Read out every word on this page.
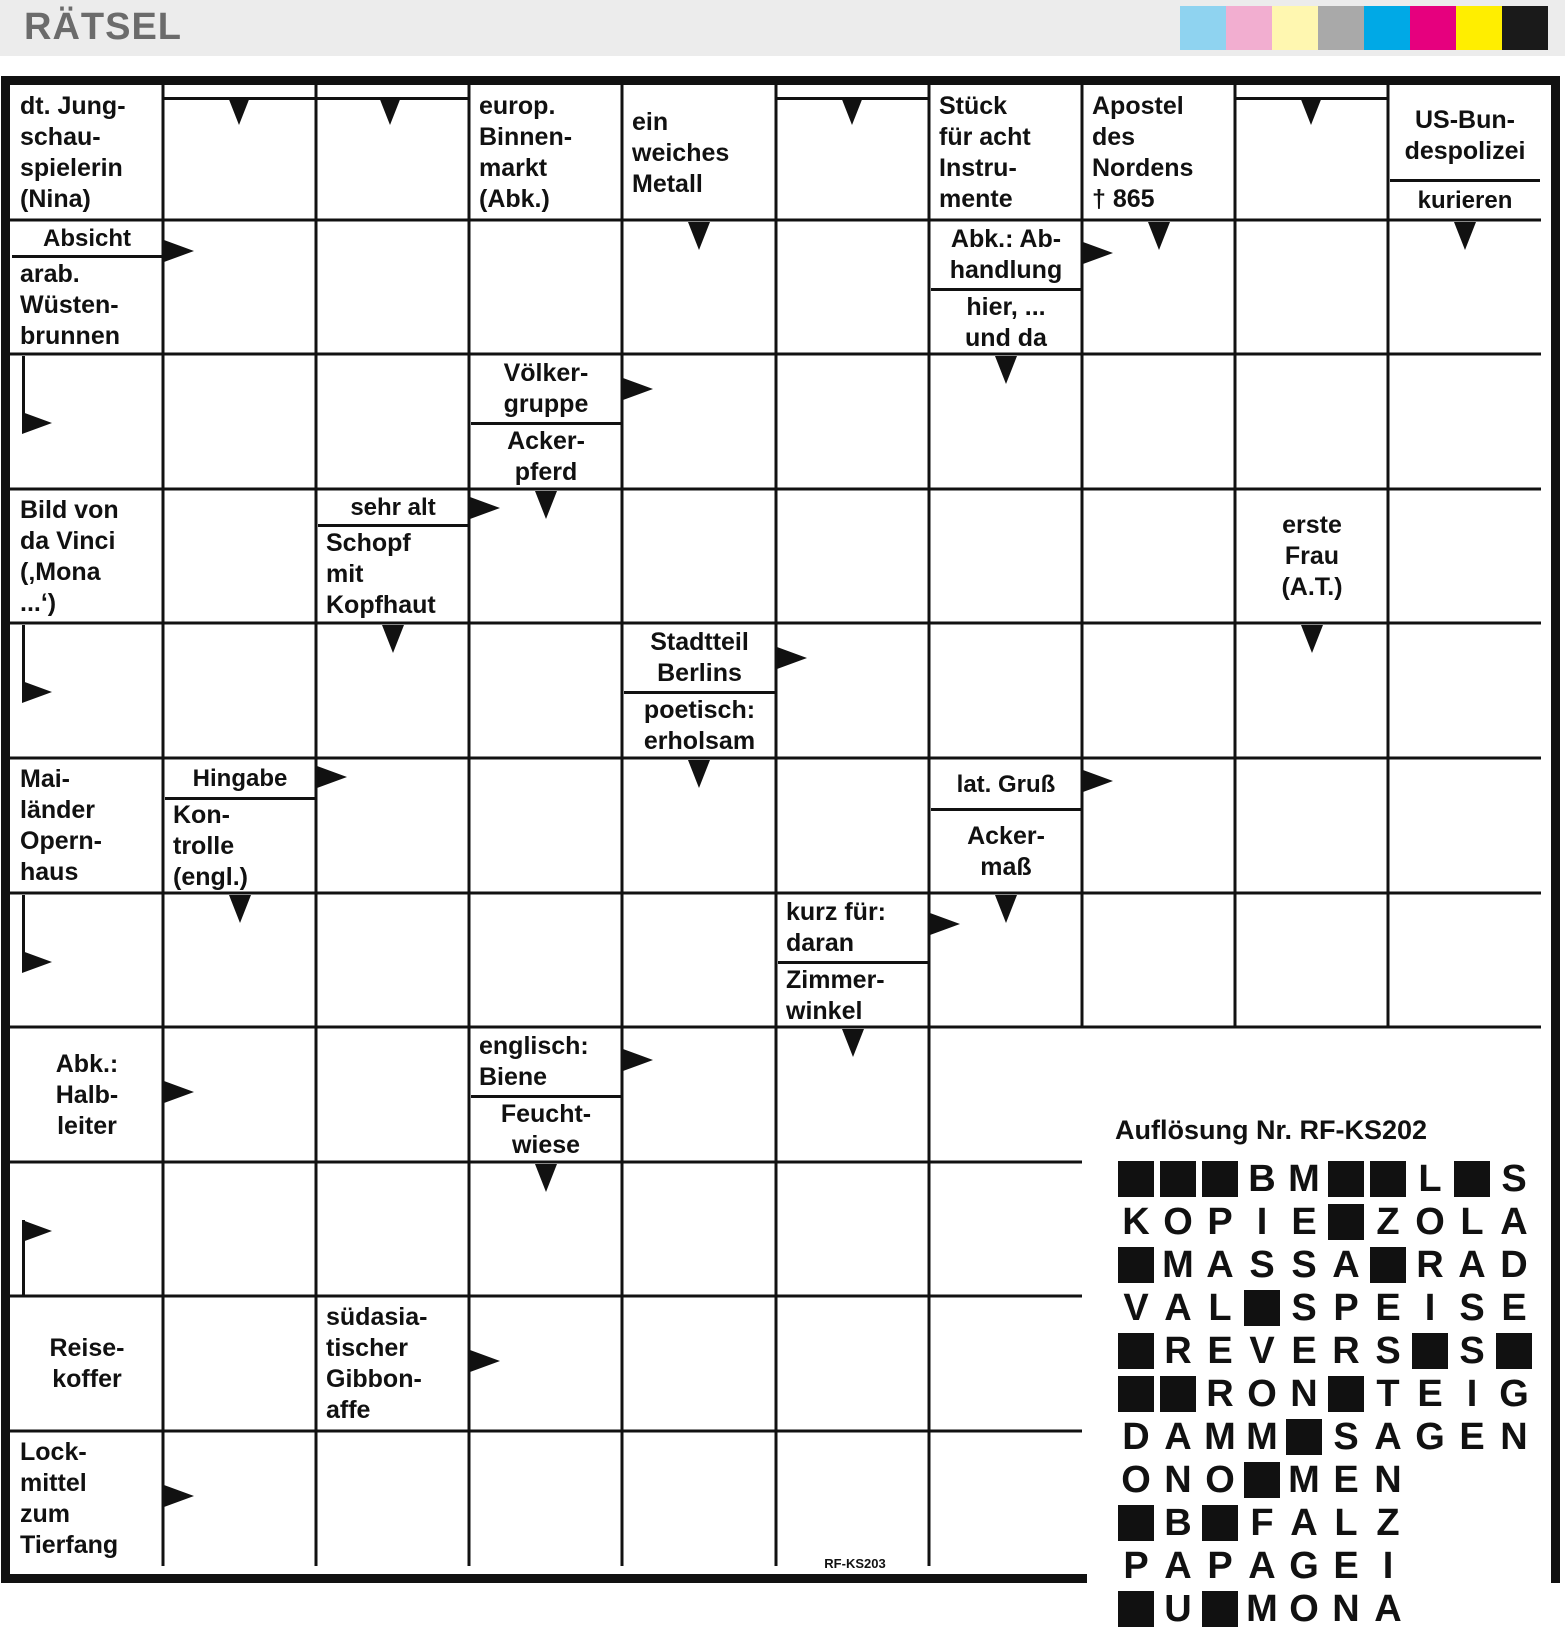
RÄTSEL
dt. Jung-
schau-
spielerin
(Nina)
europ.
Binnen-
markt
(Abk.)
ein
weiches
Metall
Stück
für acht
Instru-
mente
Apostel
des
Nordens
† 865
US-Bun-
despolizei
kurieren
Absicht
arab.
Wüsten-
brunnen
Abk.: Ab-
handlung
hier, ...
und da
Völker-
gruppe
Acker-
pferd
Bild von
da Vinci
(‚Mona
...‘)
sehr alt
Schopf
mit
Kopfhaut
erste
Frau
(A.T.)
Stadtteil
Berlins
poetisch:
erholsam
Mai-
länder
Opern-
haus
Hingabe
Kon-
trolle
(engl.)
lat. Gruß
Acker-
maß
kurz für:
daran
Zimmer-
winkel
Abk.:
Halb-
leiter
englisch:
Biene
Feucht-
wiese
Reise-
koffer
südasia-
tischer
Gibbon-
affe
Lock-
mittel
zum
Tierfang
Auflösung Nr. RF-KS202
B M	L S
K O P I E Z O L A
M A S S A R A D
V A L S P E I S E
R E V E R S S
R O N T E I G
D A M M S A G E N
O N O M E N
B F A L Z
P A P A G E I
U M O N A
RF-KS203
